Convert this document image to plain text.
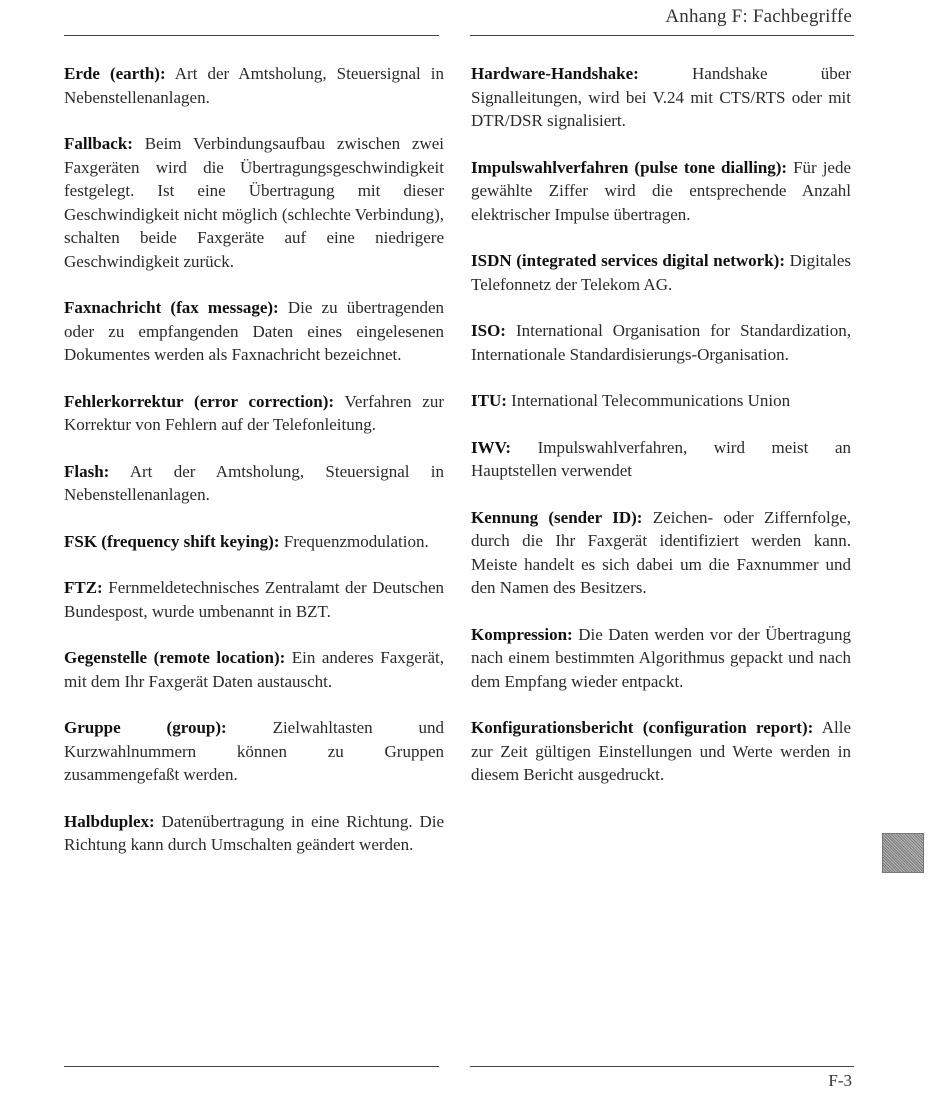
Anhang F: Fachbegriffe

Erde (earth): Art der Amtsholung, Steuersignal in Nebenstellenanlagen.

Fallback: Beim Verbindungsaufbau zwischen zwei Faxgeräten wird die Übertragungsgeschwindigkeit festgelegt. Ist eine Übertragung mit dieser Geschwindigkeit nicht möglich (schlechte Verbindung), schalten beide Faxgeräte auf eine niedrigere Geschwindigkeit zurück.

Faxnachricht (fax message): Die zu übertragenden oder zu empfangenden Daten eines eingelesenen Dokumentes werden als Faxnachricht bezeichnet.

Fehlerkorrektur (error correction): Verfahren zur Korrektur von Fehlern auf der Telefonleitung.

Flash: Art der Amtsholung, Steuersignal in Nebenstellenanlagen.

FSK (frequency shift keying): Frequenzmodulation.

FTZ: Fernmeldetechnisches Zentralamt der Deutschen Bundespost, wurde umbenannt in BZT.

Gegenstelle (remote location): Ein anderes Faxgerät, mit dem Ihr Faxgerät Daten austauscht.

Gruppe (group):	Zielwahltasten und Kurzwahlnummern können zu Gruppen zusammengefaßt werden.

Halbduplex: Datenübertragung in eine Richtung. Die Richtung kann durch Umschalten geändert werden.

Hardware-Handshake:	Handshake über Signalleitungen, wird bei V.24 mit CTS/RTS oder mit DTR/DSR signalisiert.

Impulswahlverfahren (pulse tone dialling): Für jede gewählte Ziffer wird die entsprechende Anzahl elektrischer Impulse übertragen.

ISDN (integrated services digital network): Digitales Telefonnetz der Telekom AG.

ISO: International Organisation for Standardization, Internationale Standardisierungs-Organisation.

ITU: International Telecommunications Union

IWV: Impulswahlverfahren, wird meist an Hauptstellen verwendet

Kennung (sender ID): Zeichen- oder Ziffernfolge, durch die Ihr Faxgerät identifiziert werden kann. Meiste handelt es sich dabei um die Faxnummer und den Namen des Besitzers.

Kompression: Die Daten werden vor der Übertragung nach einem bestimmten Algorithmus gepackt und nach dem Empfang wieder entpackt.

Konfigurationsbericht (configuration report): Alle zur Zeit gültigen Einstellungen und Werte werden in diesem Bericht ausgedruckt.

F-3
